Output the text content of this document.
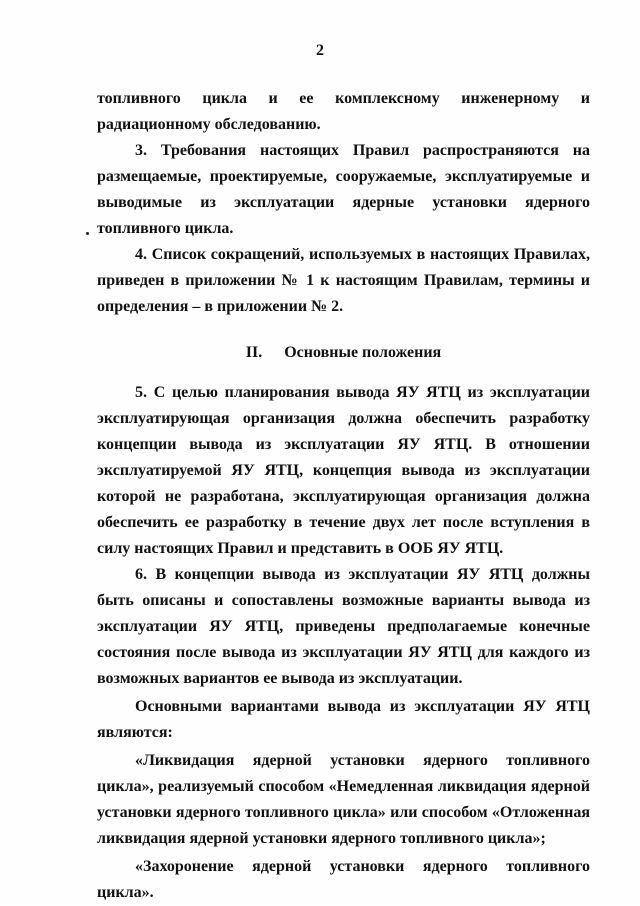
2

топливного цикла и ее комплексному инженерному и радиационному обследованию.

3. Требования настоящих Правил распространяются на размещаемые, проектируемые, сооружаемые, эксплуатируемые и выводимые из эксплуатации ядерные установки ядерного топливного цикла.

4. Список сокращений, используемых в настоящих Правилах, приведен в приложении № 1 к настоящим Правилам, термины и определения – в приложении № 2.

II. Основные положения

5. С целью планирования вывода ЯУ ЯТЦ из эксплуатации эксплуатирующая организация должна обеспечить разработку концепции вывода из эксплуатации ЯУ ЯТЦ. В отношении эксплуатируемой ЯУ ЯТЦ, концепция вывода из эксплуатации которой не разработана, эксплуатирующая организация должна обеспечить ее разработку в течение двух лет после вступления в силу настоящих Правил и представить в ООБ ЯУ ЯТЦ.

6. В концепции вывода из эксплуатации ЯУ ЯТЦ должны быть описаны и сопоставлены возможные варианты вывода из эксплуатации ЯУ ЯТЦ, приведены предполагаемые конечные состояния после вывода из эксплуатации ЯУ ЯТЦ для каждого из возможных вариантов ее вывода из эксплуатации.

Основными вариантами вывода из эксплуатации ЯУ ЯТЦ являются:

«Ликвидация ядерной установки ядерного топливного цикла», реализуемый способом «Немедленная ликвидация ядерной установки ядерного топливного цикла» или способом «Отложенная ликвидация ядерной установки ядерного топливного цикла»;

«Захоронение ядерной установки ядерного топливного цикла».
